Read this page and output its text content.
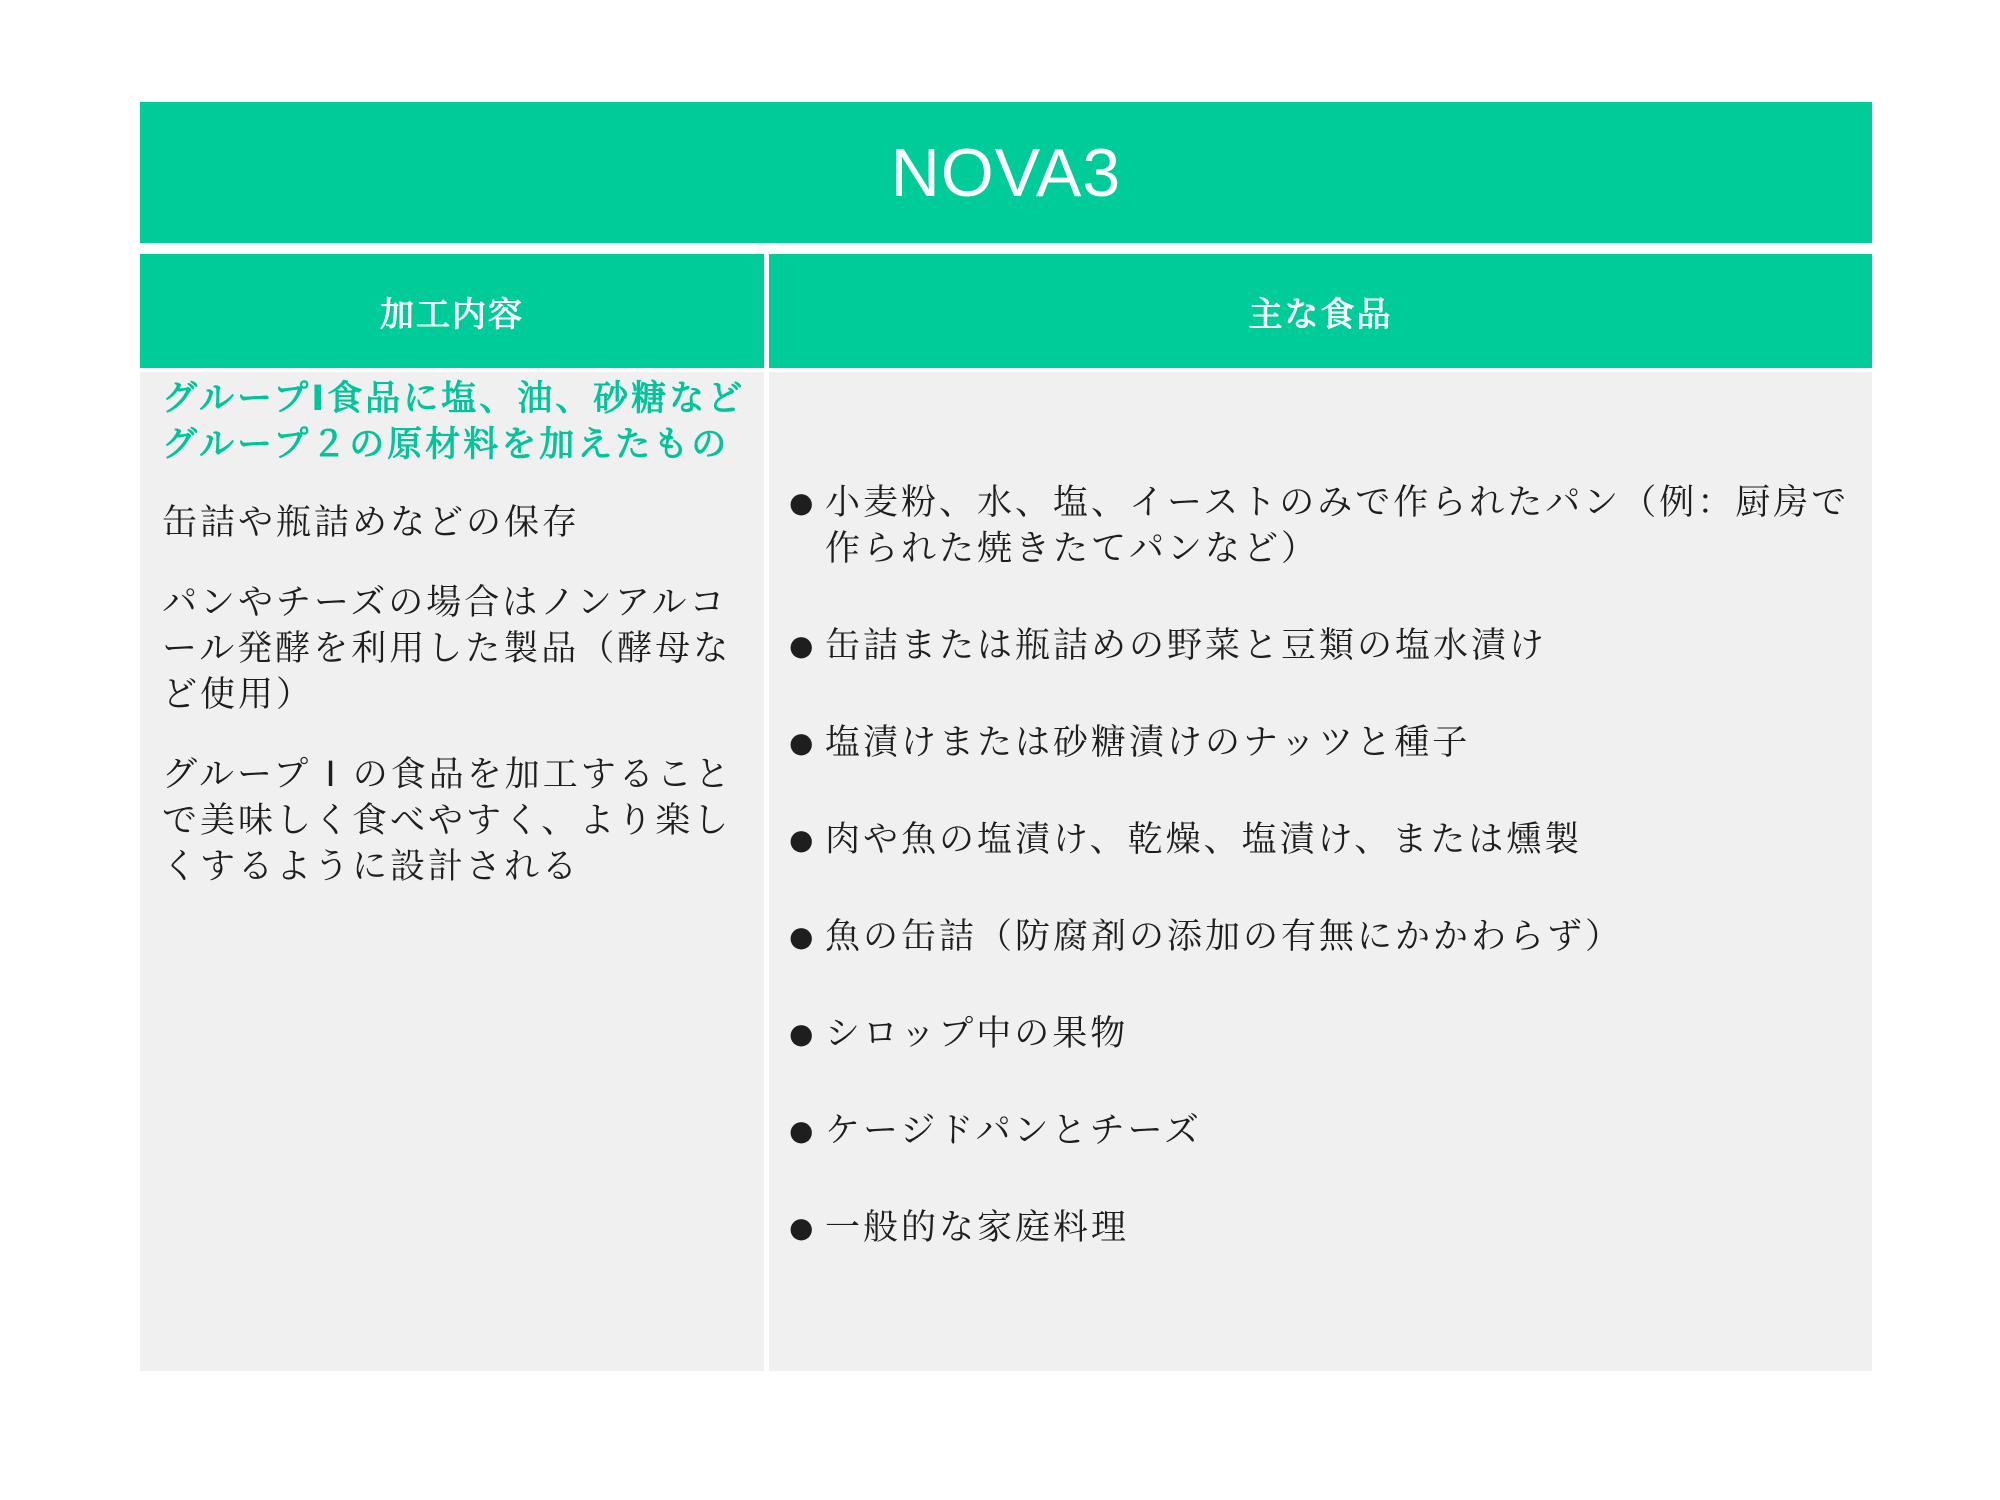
NOVA3
加工内容	主な食品

グループⅠ食品に塩、油、砂糖などグループ２の原材料を加えたもの

缶詰や瓶詰めなどの保存

パンやチーズの場合はノンアルコール発酵を利用した製品（酵母など使用）

グループ Ⅰ の食品を加工することで美味しく食べやすく、より楽しくするように設計される

● 小麦粉、水、塩、イーストのみで作られたパン（例：厨房で作られた焼きたてパンなど）
● 缶詰または瓶詰めの野菜と豆類の塩水漬け
● 塩漬けまたは砂糖漬けのナッツと種子
● 肉や魚の塩漬け、乾燥、塩漬け、または燻製
● 魚の缶詰（防腐剤の添加の有無にかかわらず）
● シロップ中の果物
● ケージドパンとチーズ
● 一般的な家庭料理
